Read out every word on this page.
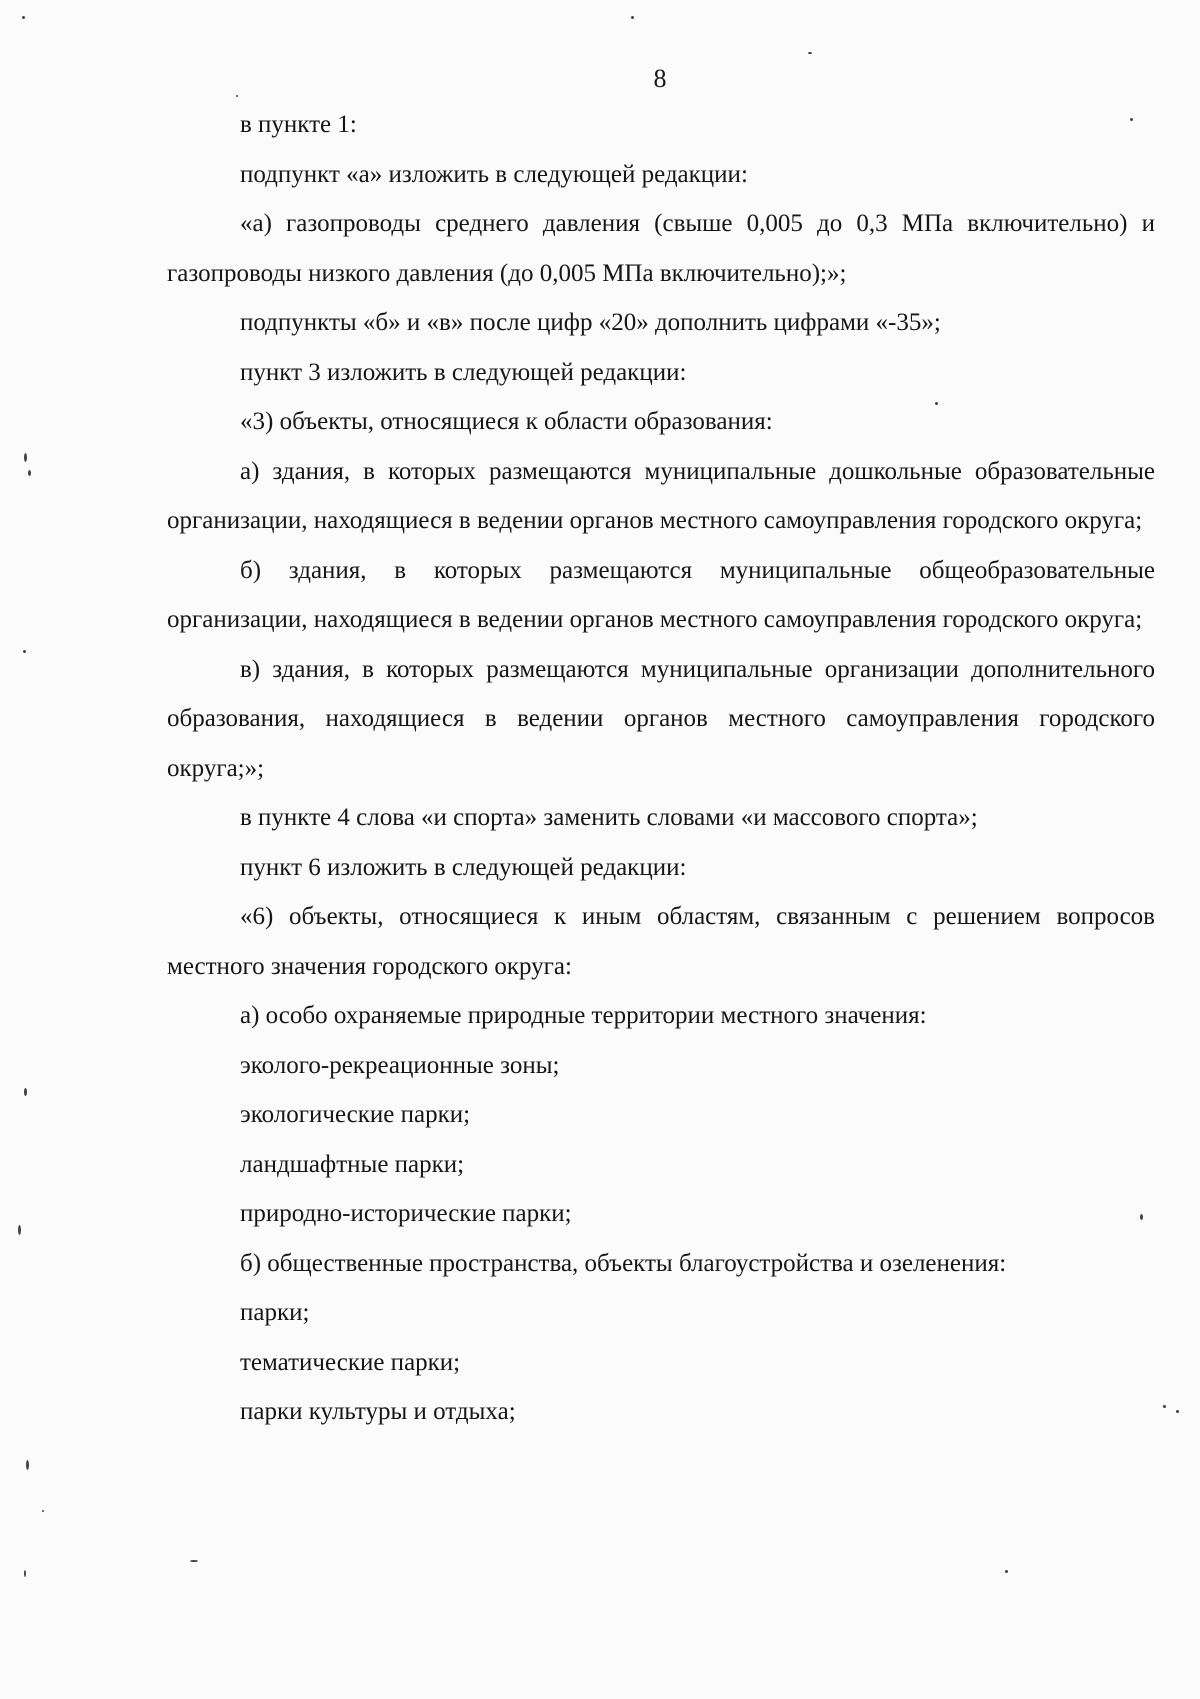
8

в пункте 1:

подпункт «а» изложить в следующей редакции:

«а) газопроводы среднего давления (свыше 0,005 до 0,3 МПа включительно) и газопроводы низкого давления (до 0,005 МПа включительно);»;

подпункты «б» и «в» после цифр «20» дополнить цифрами «-35»;

пункт 3 изложить в следующей редакции:

«3) объекты, относящиеся к области образования:

а) здания, в которых размещаются муниципальные дошкольные образовательные организации, находящиеся в ведении органов местного самоуправления городского округа;

б) здания, в которых размещаются муниципальные общеобразовательные организации, находящиеся в ведении органов местного самоуправления городского округа;

в) здания, в которых размещаются муниципальные организации дополнительного образования, находящиеся в ведении органов местного самоуправления городского округа;»;

в пункте 4 слова «и спорта» заменить словами «и массового спорта»;

пункт 6 изложить в следующей редакции:

«6) объекты, относящиеся к иным областям, связанным с решением вопросов местного значения городского округа:

а) особо охраняемые природные территории местного значения:

эколого-рекреационные зоны;

экологические парки;

ландшафтные парки;

природно-исторические парки;

б) общественные пространства, объекты благоустройства и озеленения:

парки;

тематические парки;

парки культуры и отдыха;
